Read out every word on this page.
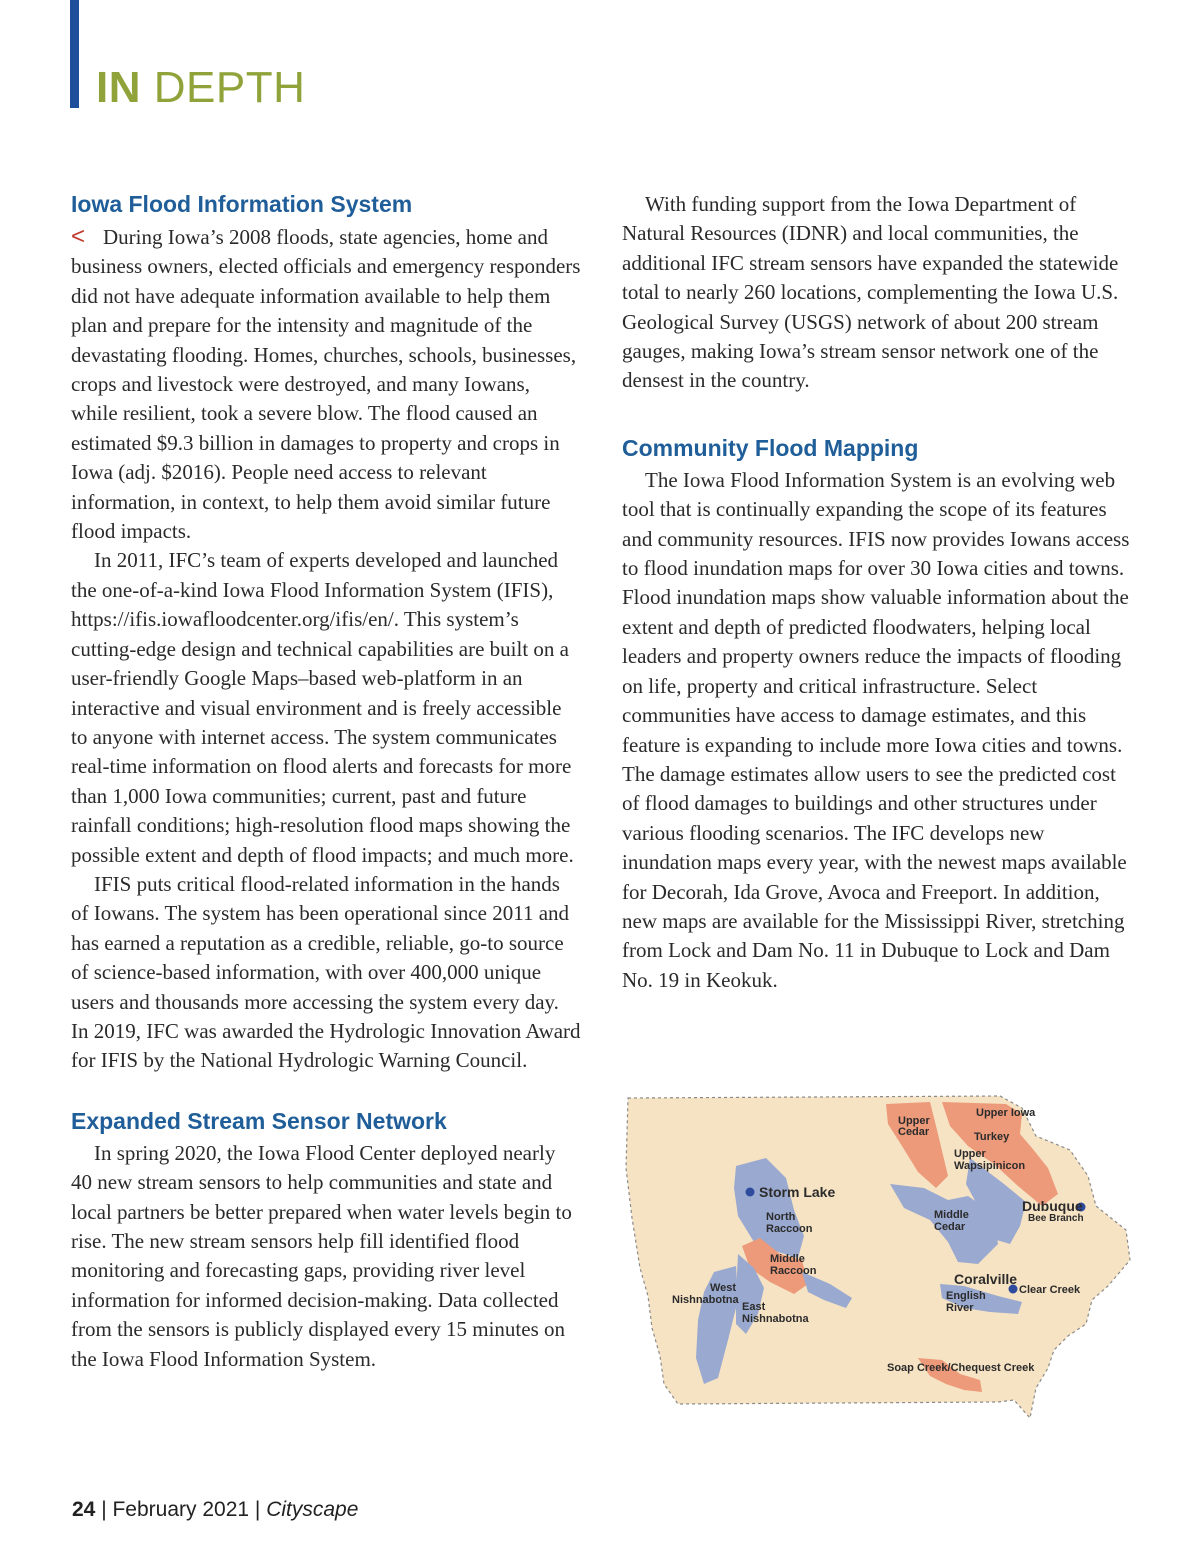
IN DEPTH
Iowa Flood Information System

< During Iowa’s 2008 floods, state agencies, home and business owners, elected officials and emergency responders did not have adequate information available to help them plan and prepare for the intensity and magnitude of the devastating flooding. Homes, churches, schools, businesses, crops and livestock were destroyed, and many Iowans, while resilient, took a severe blow. The flood caused an estimated $9.3 billion in damages to property and crops in Iowa (adj. $2016). People need access to relevant information, in context, to help them avoid similar future flood impacts.

In 2011, IFC’s team of experts developed and launched the one-of-a-kind Iowa Flood Information System (IFIS), https://ifis.iowafloodcenter.org/ifis/en/. This system’s cutting-edge design and technical capabilities are built on a user-friendly Google Maps–based web-platform in an interactive and visual environment and is freely accessible to anyone with internet access. The system communicates real-time information on flood alerts and forecasts for more than 1,000 Iowa communities; current, past and future rainfall conditions; high-resolution flood maps showing the possible extent and depth of flood impacts; and much more.

IFIS puts critical flood-related information in the hands of Iowans. The system has been operational since 2011 and has earned a reputation as a credible, reliable, go-to source of science-based information, with over 400,000 unique users and thousands more accessing the system every day. In 2019, IFC was awarded the Hydrologic Innovation Award for IFIS by the National Hydrologic Warning Council.

Expanded Stream Sensor Network

In spring 2020, the Iowa Flood Center deployed nearly 40 new stream sensors to help communities and state and local partners be better prepared when water levels begin to rise. The new stream sensors help fill identified flood monitoring and forecasting gaps, providing river level information for informed decision-making. Data collected from the sensors is publicly displayed every 15 minutes on the Iowa Flood Information System.

With funding support from the Iowa Department of Natural Resources (IDNR) and local communities, the additional IFC stream sensors have expanded the statewide total to nearly 260 locations, complementing the Iowa U.S. Geological Survey (USGS) network of about 200 stream gauges, making Iowa’s stream sensor network one of the densest in the country.

Community Flood Mapping

The Iowa Flood Information System is an evolving web tool that is continually expanding the scope of its features and community resources. IFIS now provides Iowans access to flood inundation maps for over 30 Iowa cities and towns. Flood inundation maps show valuable information about the extent and depth of predicted floodwaters, helping local leaders and property owners reduce the impacts of flooding on life, property and critical infrastructure. Select communities have access to damage estimates, and this feature is expanding to include more Iowa cities and towns. The damage estimates allow users to see the predicted cost of flood damages to buildings and other structures under various flooding scenarios. The IFC develops new inundation maps every year, with the newest maps available for Decorah, Ida Grove, Avoca and Freeport. In addition, new maps are available for the Mississippi River, stretching from Lock and Dam No. 11 in Dubuque to Lock and Dam No. 19 in Keokuk.

Upper
Cedar
Upper Iowa
Turkey
Upper
Wapsipinicon
Storm Lake
North
Raccoon
Middle
Cedar
Dubuque
Bee Branch
Middle
Raccoon
West
Nishnabotna
Coralville
Clear Creek
English
River
East
Nishnabotna
Soap Creek/Chequest Creek
24 | February 2021 | Cityscape
